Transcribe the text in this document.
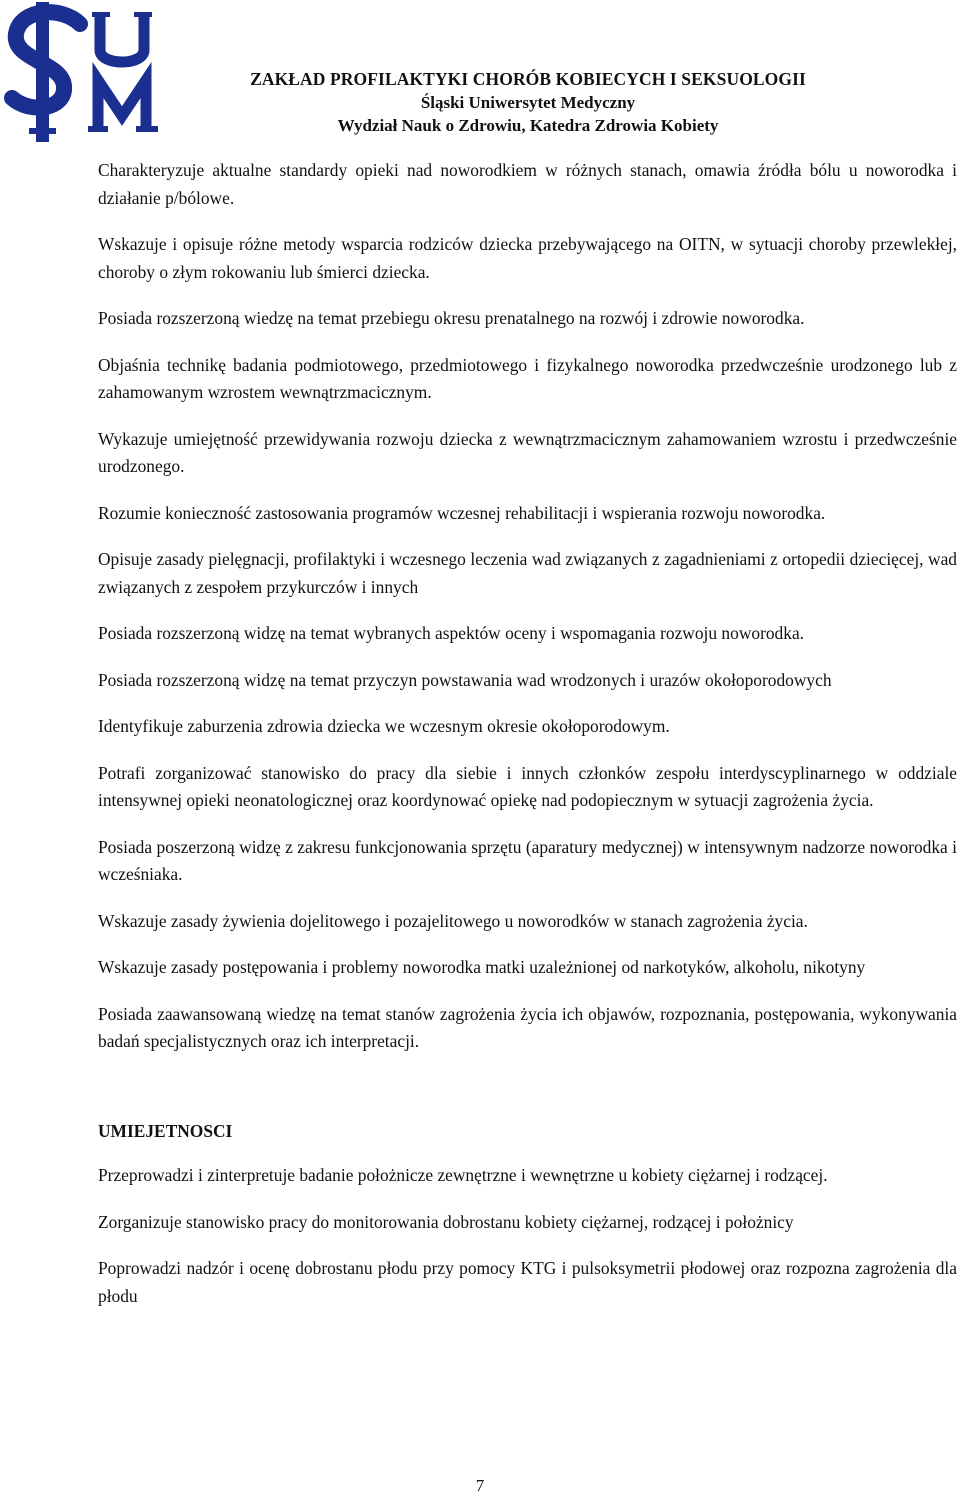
ZAKŁAD PROFILAKTYKI CHORÓB KOBIECYCH I SEKSUOLOGII
Śląski Uniwersytet Medyczny
Wydział Nauk o Zdrowiu, Katedra Zdrowia Kobiety

Charakteryzuje aktualne standardy opieki nad noworodkiem w różnych stanach, omawia źródła bólu u noworodka i działanie p/bólowe.

Wskazuje i opisuje różne metody wsparcia rodziców dziecka przebywającego na OITN, w sytuacji choroby przewlekłej, choroby o złym rokowaniu lub śmierci dziecka.

Posiada rozszerzoną wiedzę na temat przebiegu okresu prenatalnego na rozwój i zdrowie noworodka.

Objaśnia technikę badania podmiotowego, przedmiotowego i fizykalnego noworodka przedwcześnie urodzonego lub z zahamowanym wzrostem wewnątrzmacicznym.

Wykazuje umiejętność przewidywania rozwoju dziecka z wewnątrzmacicznym zahamowaniem wzrostu i przedwcześnie urodzonego.

Rozumie konieczność zastosowania programów wczesnej rehabilitacji i wspierania rozwoju noworodka.

Opisuje zasady pielęgnacji, profilaktyki i wczesnego leczenia wad związanych z zagadnieniami z ortopedii dziecięcej, wad związanych z zespołem przykurczów i innych

Posiada rozszerzoną widzę na temat wybranych aspektów oceny i wspomagania rozwoju noworodka.

Posiada rozszerzoną widzę na temat przyczyn powstawania wad wrodzonych i urazów okołoporodowych

Identyfikuje zaburzenia zdrowia dziecka we wczesnym okresie okołoporodowym.

Potrafi zorganizować stanowisko do pracy dla siebie i innych członków zespołu interdyscyplinarnego w oddziale intensywnej opieki neonatologicznej oraz koordynować opiekę nad podopiecznym w sytuacji zagrożenia życia.

Posiada poszerzoną widzę z zakresu funkcjonowania sprzętu (aparatury medycznej) w intensywnym nadzorze noworodka i wcześniaka.

Wskazuje zasady żywienia dojelitowego i pozajelitowego u noworodków w stanach zagrożenia życia.

Wskazuje zasady postępowania i problemy noworodka matki uzależnionej od narkotyków, alkoholu, nikotyny

Posiada zaawansowaną wiedzę na temat stanów zagrożenia życia ich objawów, rozpoznania, postępowania, wykonywania badań specjalistycznych oraz ich interpretacji.

UMIEJETNOSCI

Przeprowadzi i zinterpretuje badanie położnicze zewnętrzne i wewnętrzne u kobiety ciężarnej i rodzącej.

Zorganizuje stanowisko pracy do monitorowania dobrostanu kobiety ciężarnej, rodzącej i położnicy

Poprowadzi nadzór i ocenę dobrostanu płodu przy pomocy KTG i pulsoksymetrii płodowej oraz rozpozna zagrożenia dla płodu

7
